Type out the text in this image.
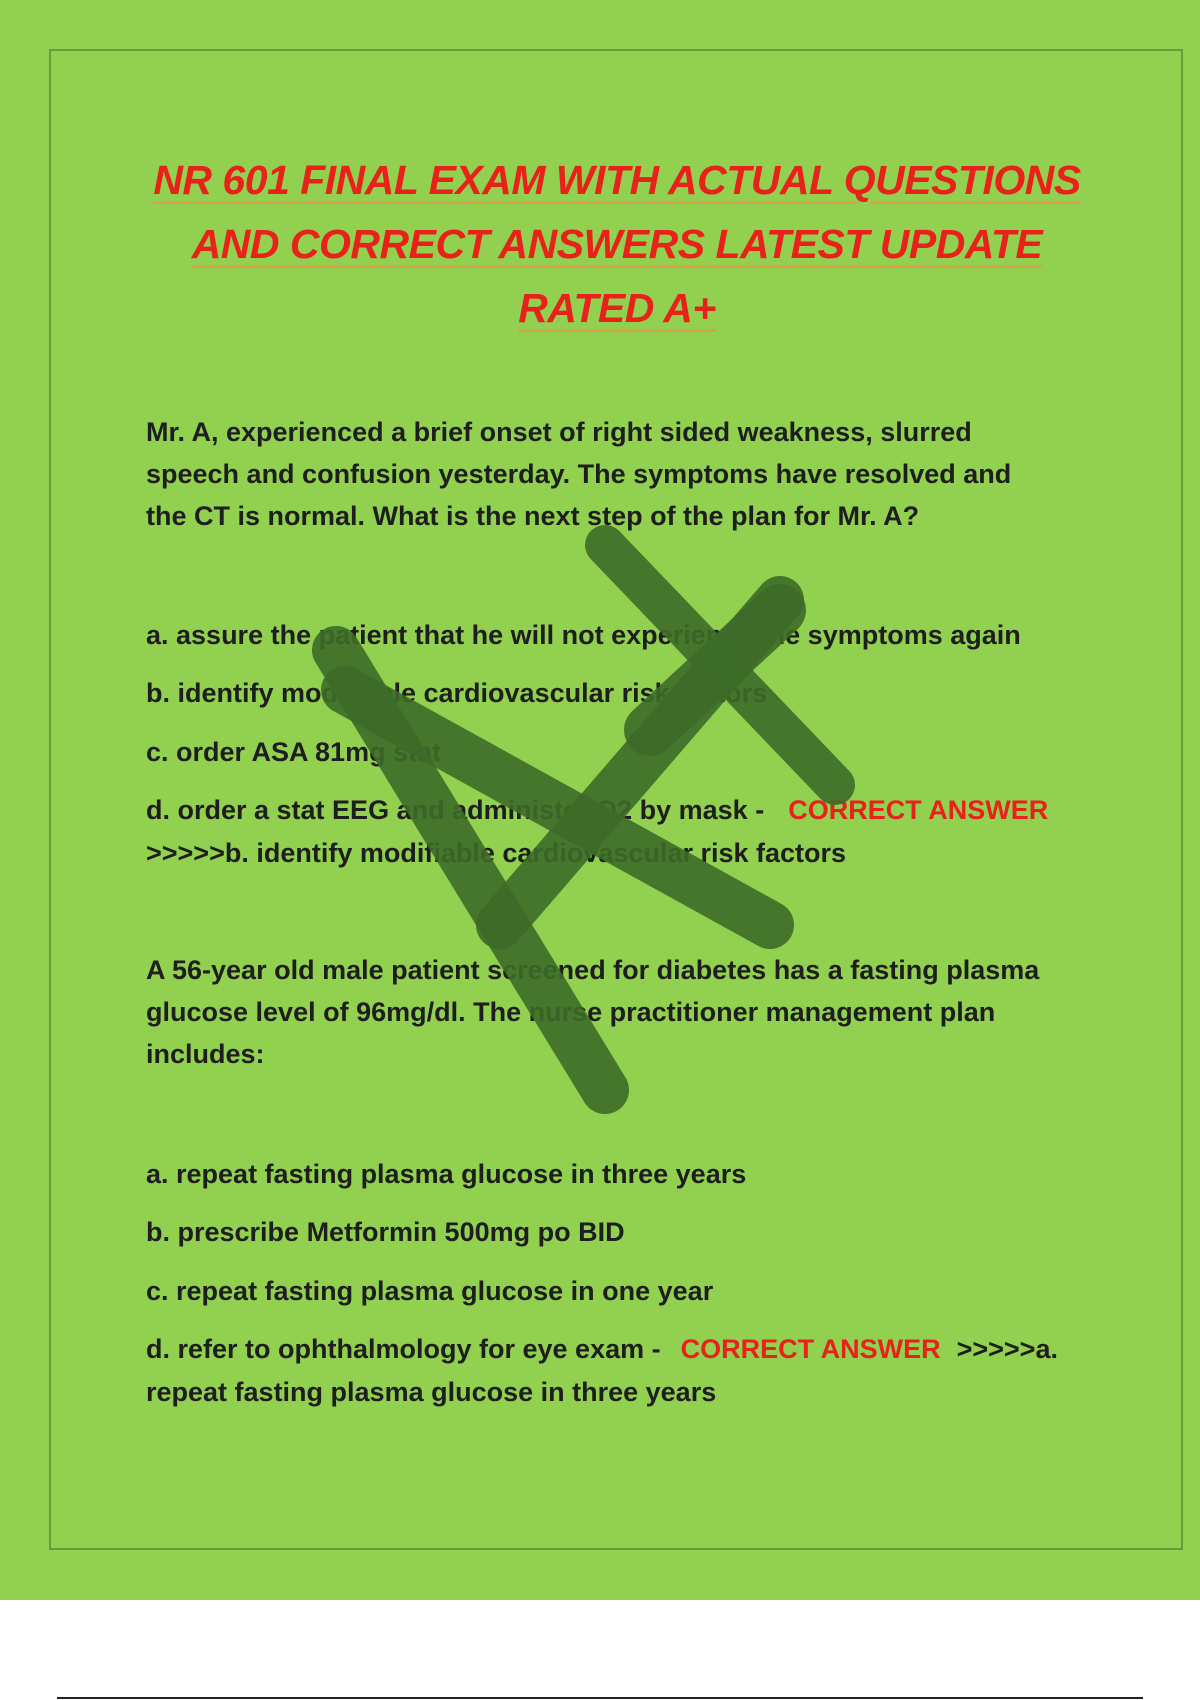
NR 601 FINAL EXAM WITH ACTUAL QUESTIONS
AND CORRECT ANSWERS LATEST UPDATE
RATED A+
Mr. A, experienced a brief onset of right sided weakness, slurred
speech and confusion yesterday. The symptoms have resolved and
the CT is normal. What is the next step of the plan for Mr. A?
a. assure the patient that he will not experience the symptoms again
b. identify modifiable cardiovascular risk factors
c. order ASA 81mg stat
d. order a stat EEG and administer O2 by mask - CORRECT ANSWER
>>>>>b. identify modifiable cardiovascular risk factors
A 56-year old male patient screened for diabetes has a fasting plasma
glucose level of 96mg/dl. The nurse practitioner management plan
includes:
a. repeat fasting plasma glucose in three years
b. prescribe Metformin 500mg po BID
c. repeat fasting plasma glucose in one year
d. refer to ophthalmology for eye exam - CORRECT ANSWER >>>>>a.
repeat fasting plasma glucose in three years
